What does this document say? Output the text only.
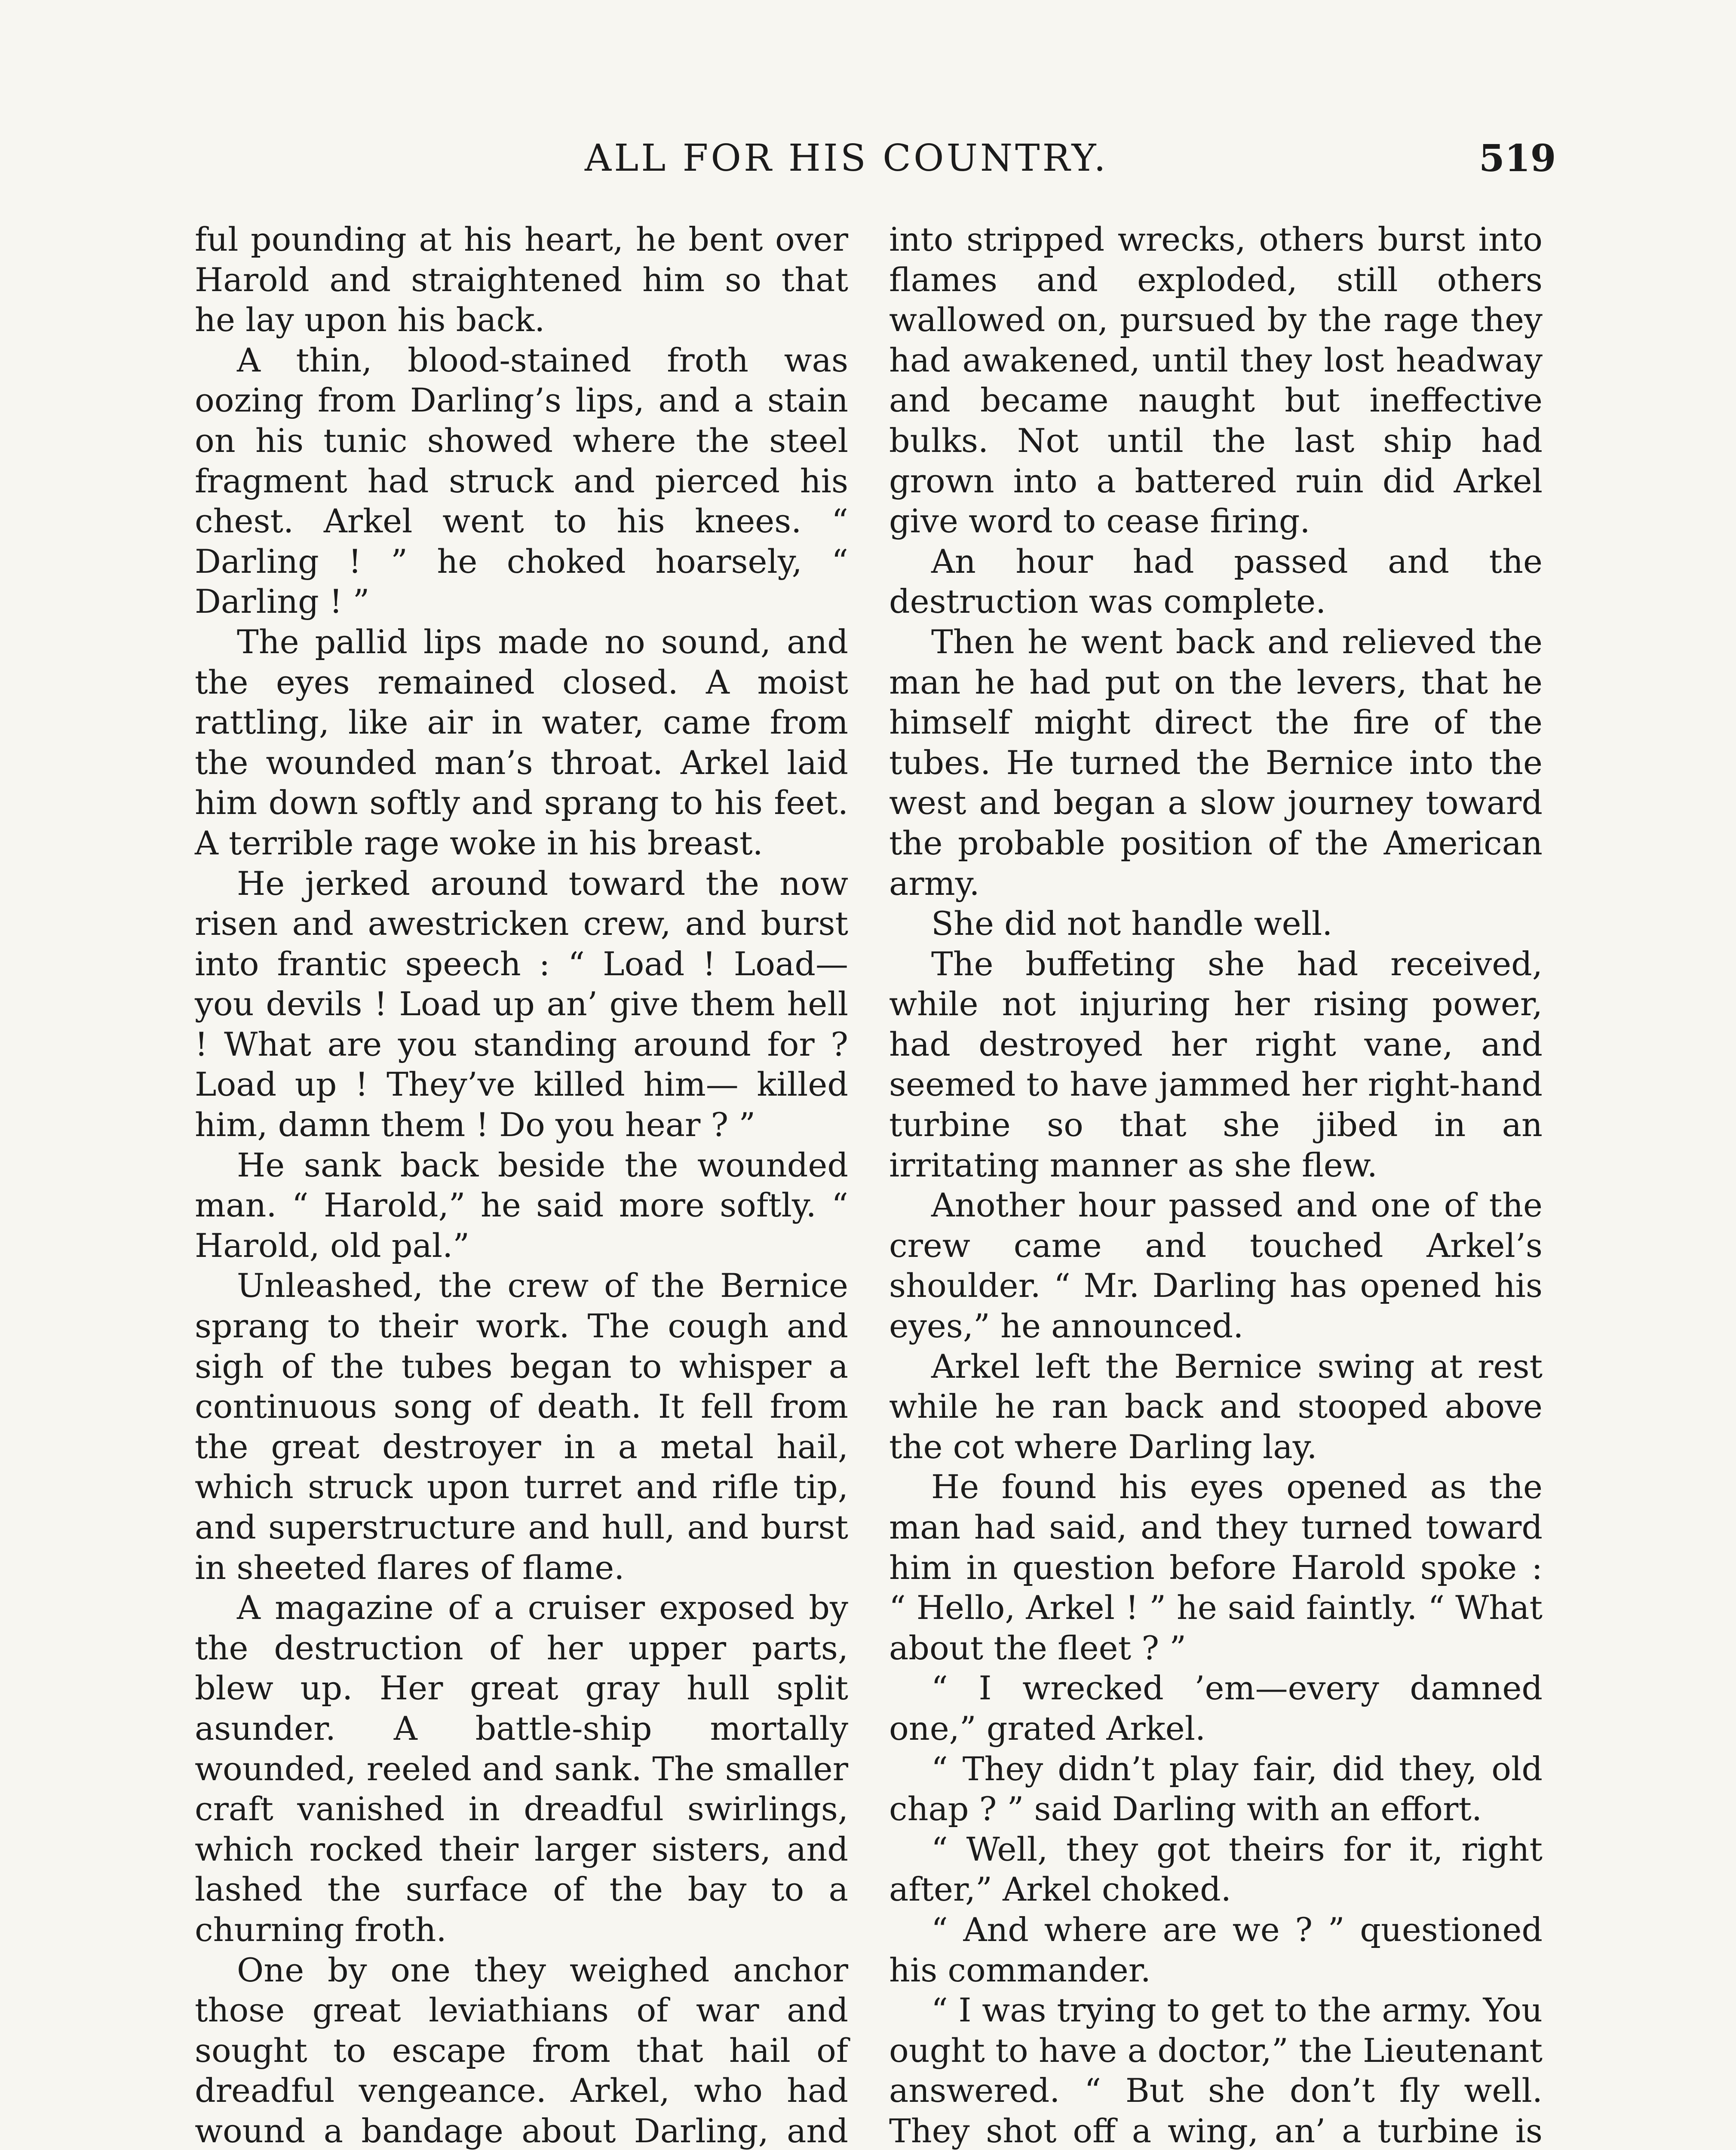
ALL FOR HIS COUNTRY.	519

ful pounding at his heart, he bent over Harold and straightened him so that he lay upon his back.

A thin, blood-stained froth was oozing from Darling’s lips, and a stain on his tunic showed where the steel fragment had struck and pierced his chest. Arkel went to his knees. “ Darling ! ” he choked hoarsely, “ Darling ! ”

The pallid lips made no sound, and the eyes remained closed. A moist rattling, like air in water, came from the wounded man’s throat. Arkel laid him down softly and sprang to his feet. A terrible rage woke in his breast.

He jerked around toward the now risen and awestricken crew, and burst into frantic speech : “ Load ! Load— you devils ! Load up an’ give them hell ! What are you standing around for ? Load up ! They’ve killed him— killed him, damn them ! Do you hear ? ”

He sank back beside the wounded man. “ Harold,” he said more softly. “ Harold, old pal.”

Unleashed, the crew of the Bernice sprang to their work. The cough and sigh of the tubes began to whisper a continuous song of death. It fell from the great destroyer in a metal hail, which struck upon turret and rifle tip, and superstructure and hull, and burst in sheeted flares of flame.

A magazine of a cruiser exposed by the destruction of her upper parts, blew up. Her great gray hull split asunder. A battle-ship mortally wounded, reeled and sank. The smaller craft vanished in dreadful swirlings, which rocked their larger sisters, and lashed the surface of the bay to a churning froth.

One by one they weighed anchor those great leviathians of war and sought to escape from that hail of dreadful vengeance. Arkel, who had wound a bandage about Darling, and

into stripped wrecks, others burst into flames and exploded, still others wallowed on, pursued by the rage they had awakened, until they lost headway and became naught but ineffective bulks. Not until the last ship had grown into a battered ruin did Arkel give word to cease firing.

An hour had passed and the destruction was complete.

Then he went back and relieved the man he had put on the levers, that he himself might direct the fire of the tubes. He turned the Bernice into the west and began a slow journey toward the probable position of the American army.

She did not handle well.

The buffeting she had received, while not injuring her rising power, had destroyed her right vane, and seemed to have jammed her right-hand turbine so that she jibed in an irritating manner as she flew.

Another hour passed and one of the crew came and touched Arkel’s shoulder. “ Mr. Darling has opened his eyes,” he announced.

Arkel left the Bernice swing at rest while he ran back and stooped above the cot where Darling lay.

He found his eyes opened as the man had said, and they turned toward him in question before Harold spoke : “ Hello, Arkel ! ” he said faintly. “ What about the fleet ? ”

“ I wrecked ’em—every damned one,” grated Arkel.

“ They didn’t play fair, did they, old chap ? ” said Darling with an effort.

“ Well, they got theirs for it, right after,” Arkel choked.

“ And where are we ? ” questioned his commander.

“ I was trying to get to the army. You ought to have a doctor,” the Lieutenant answered. “ But she don’t fly well. They shot off a wing, an’ a turbine is
